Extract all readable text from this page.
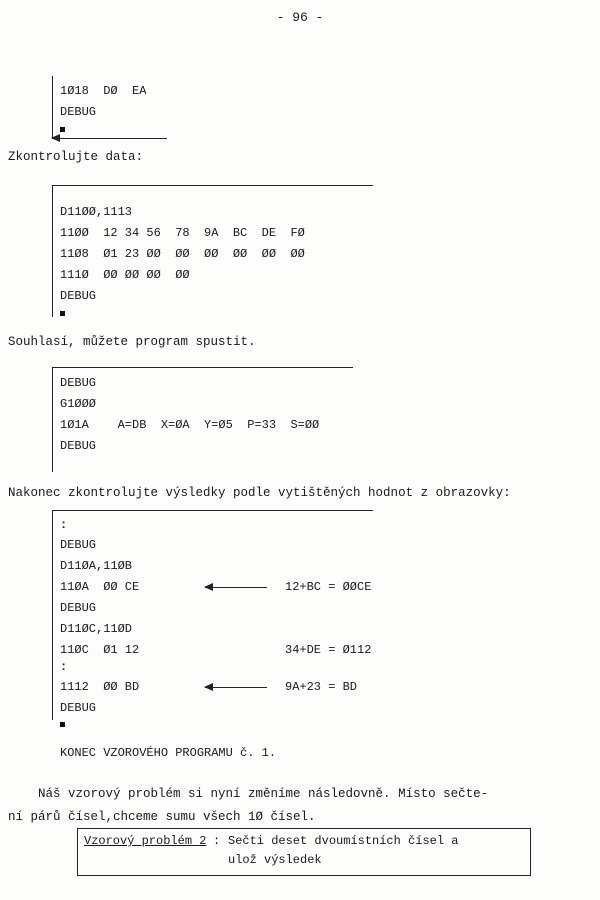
- 96 -
1Ø18  DØ  EA
DEBUG
Zkontrolujte data:
D11ØØ,1113
11ØØ  12 34 56  78  9A  BC  DE  FØ
11Ø8  Ø1 23 ØØ  ØØ  ØØ  ØØ  ØØ  ØØ
111Ø  ØØ ØØ ØØ  ØØ
DEBUG
Souhlasí, můžete program spustit.
DEBUG
G1ØØØ
1Ø1A    A=DB  X=ØA  Y=Ø5  P=33  S=ØØ
DEBUG
Nakonec zkontrolujte výsledky podle vytištěných hodnot z obrazovky:
:
DEBUG
D11ØA,11ØB
11ØA  ØØ CE
DEBUG
D11ØC,11ØD
11ØC  Ø1 12
:
1112  ØØ BD
DEBUG
12+BC = ØØCE
34+DE = Ø112
9A+23 = BD
KONEC VZOROVÉHO PROGRAMU č. 1.
Náš vzorový problém si nyní změníme následovně. Místo sečte-
ní párů čísel,chceme sumu všech 1Ø čísel.
Vzorový problém 2 : Sečti deset dvoumístních čísel a
ulož výsledek
